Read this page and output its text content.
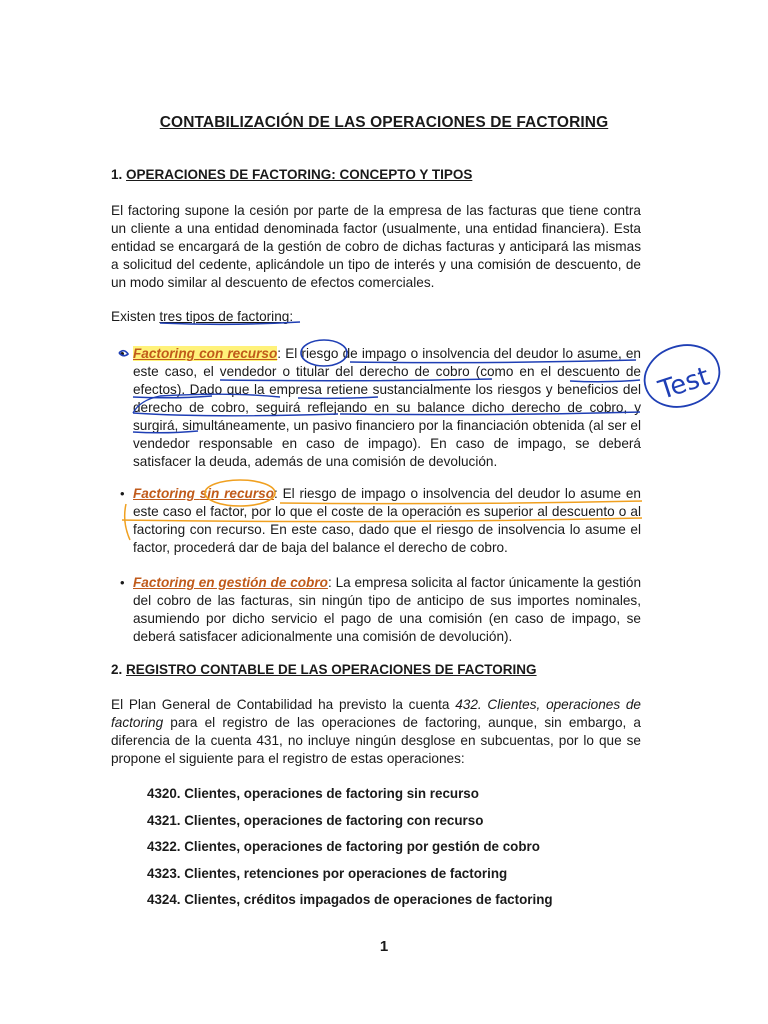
CONTABILIZACIÓN DE LAS OPERACIONES DE FACTORING
1. OPERACIONES DE FACTORING: CONCEPTO Y TIPOS
El factoring supone la cesión por parte de la empresa de las facturas que tiene contra un cliente a una entidad denominada factor (usualmente, una entidad financiera). Esta entidad se encargará de la gestión de cobro de dichas facturas y anticipará las mismas a solicitud del cedente, aplicándole un tipo de interés y una comisión de descuento, de un modo similar al descuento de efectos comerciales.
Existen tres tipos de factoring:
• Factoring con recurso: El riesgo de impago o insolvencia del deudor lo asume, en este caso, el vendedor o titular del derecho de cobro (como en el descuento de efectos). Dado que la empresa retiene sustancialmente los riesgos y beneficios del derecho de cobro, seguirá reflejando en su balance dicho derecho de cobro, y surgirá, simultáneamente, un pasivo financiero por la financiación obtenida (al ser el vendedor responsable en caso de impago). En caso de impago, se deberá satisfacer la deuda, además de una comisión de devolución.
• Factoring sin recurso: El riesgo de impago o insolvencia del deudor lo asume en este caso el factor, por lo que el coste de la operación es superior al descuento o al factoring con recurso. En este caso, dado que el riesgo de insolvencia lo asume el factor, procederá dar de baja del balance el derecho de cobro.
• Factoring en gestión de cobro: La empresa solicita al factor únicamente la gestión del cobro de las facturas, sin ningún tipo de anticipo de sus importes nominales, asumiendo por dicho servicio el pago de una comisión (en caso de impago, se deberá satisfacer adicionalmente una comisión de devolución).
2. REGISTRO CONTABLE DE LAS OPERACIONES DE FACTORING
El Plan General de Contabilidad ha previsto la cuenta 432. Clientes, operaciones de factoring para el registro de las operaciones de factoring, aunque, sin embargo, a diferencia de la cuenta 431, no incluye ningún desglose en subcuentas, por lo que se propone el siguiente para el registro de estas operaciones:
4320. Clientes, operaciones de factoring sin recurso
4321. Clientes, operaciones de factoring con recurso
4322. Clientes, operaciones de factoring por gestión de cobro
4323. Clientes, retenciones por operaciones de factoring
4324. Clientes, créditos impagados de operaciones de factoring
1
Test
